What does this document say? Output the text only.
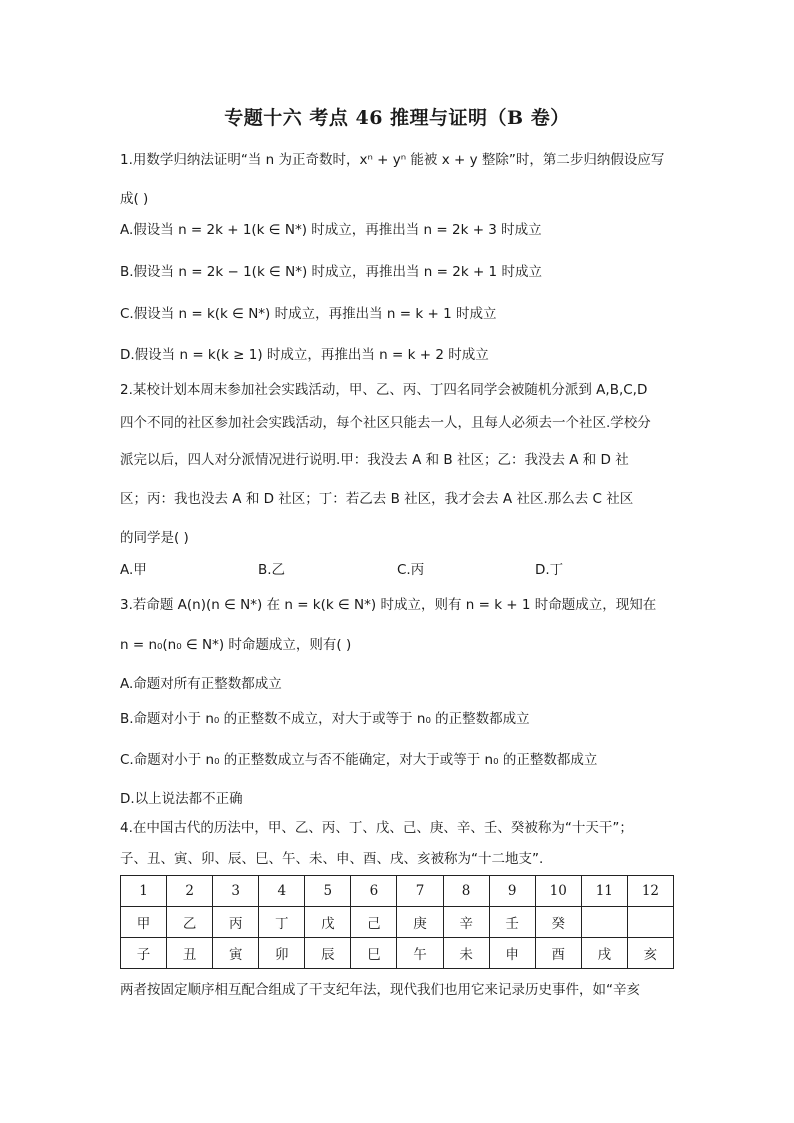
专题十六 考点 46 推理与证明（B 卷）
1.用数学归纳法证明“当 n 为正奇数时，xⁿ + yⁿ 能被 x + y 整除”时，第二步归纳假设应写
成( )
A.假设当 n = 2k + 1(k ∈ N*) 时成立，再推出当 n = 2k + 3 时成立
B.假设当 n = 2k − 1(k ∈ N*) 时成立，再推出当 n = 2k + 1 时成立
C.假设当 n = k(k ∈ N*) 时成立，再推出当 n = k + 1 时成立
D.假设当 n = k(k ≥ 1) 时成立，再推出当 n = k + 2 时成立
2.某校计划本周末参加社会实践活动，甲、乙、丙、丁四名同学会被随机分派到 A,B,C,D
四个不同的社区参加社会实践活动，每个社区只能去一人，且每人必须去一个社区.学校分
派完以后，四人对分派情况进行说明.甲：我没去 A 和 B 社区；乙：我没去 A 和 D 社
区；丙：我也没去 A 和 D 社区；丁：若乙去 B 社区，我才会去 A 社区.那么去 C 社区
的同学是( )
A.甲	B.乙	C.丙	D.丁
3.若命题 A(n)(n ∈ N*) 在 n = k(k ∈ N*) 时成立，则有 n = k + 1 时命题成立，现知在
n = n₀(n₀ ∈ N*) 时命题成立，则有( )
A.命题对所有正整数都成立
B.命题对小于 n₀ 的正整数不成立，对大于或等于 n₀ 的正整数都成立
C.命题对小于 n₀ 的正整数成立与否不能确定，对大于或等于 n₀ 的正整数都成立
D.以上说法都不正确
4.在中国古代的历法中，甲、乙、丙、丁、戊、己、庚、辛、壬、癸被称为“十天干”；
子、丑、寅、卯、辰、巳、午、未、申、酉、戌、亥被称为“十二地支”.
1	2	3	4	5	6	7	8	9	10	11	12
甲	乙	丙	丁	戊	己	庚	辛	壬	癸		
子	丑	寅	卯	辰	巳	午	未	申	酉	戌	亥
两者按固定顺序相互配合组成了干支纪年法，现代我们也用它来记录历史事件，如“辛亥
